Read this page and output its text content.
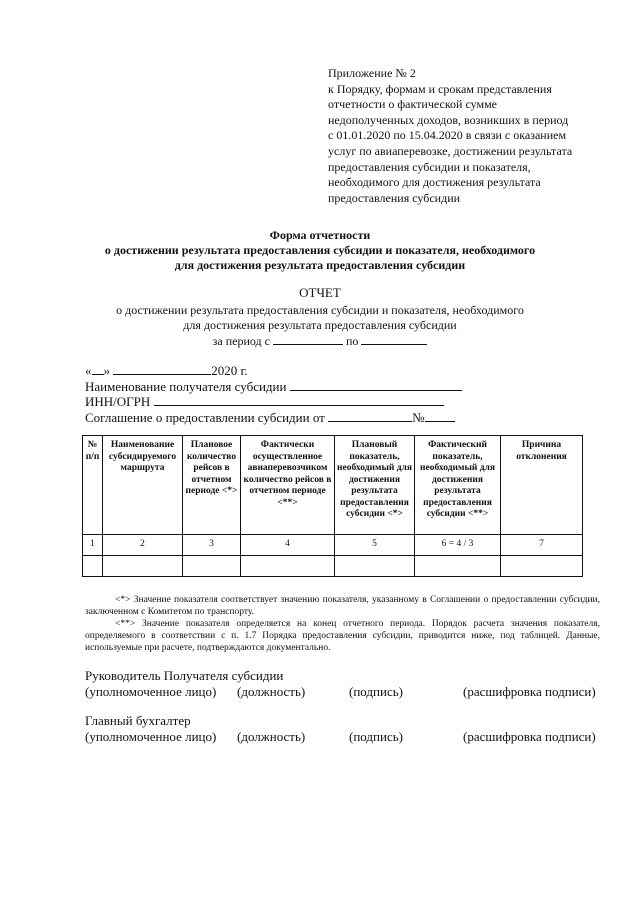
Приложение № 2
к Порядку, формам и срокам представления
отчетности о фактической сумме
недополученных доходов, возникших в период
с 01.01.2020 по 15.04.2020 в связи с оказанием
услуг по авиаперевозке, достижении результата
предоставления субсидии и показателя,
необходимого для достижения результата
предоставления субсидии
Форма отчетности
о достижении результата предоставления субсидии и показателя, необходимого
для достижения результата предоставления субсидии
ОТЧЕТ
о достижении результата предоставления субсидии и показателя, необходимого
для достижения результата предоставления субсидии
за период с	по
« »	2020 г.
Наименование получателя субсидии
ИНН/ОГРН
Соглашение о предоставлении субсидии от	№
№ п/п	Наименование субсидируемого маршрута	Плановое количество рейсов в отчетном периоде <*>	Фактически осуществленное авиаперевозчиком количество рейсов в отчетном периоде <**>	Плановый показатель, необходимый для достижения результата предоставления субсидии <*>	Фактический показатель, необходимый для достижения результата предоставления субсидии <**>	Причина отклонения
1	2	3	4	5	6 = 4 / 3	7

<*> Значение показателя соответствует значению показателя, указанному в Соглашении о предоставлении субсидии, заключенном с Комитетом по транспорту.

<**> Значение показателя определяется на конец отчетного периода. Порядок расчета значения показателя, определяемого в соответствии с п. 1.7 Порядка предоставления субсидии, приводится ниже, под таблицей. Данные, используемые при расчете, подтверждаются документально.

Руководитель Получателя субсидии
(уполномоченное лицо) (должность)	(подпись)	(расшифровка подписи)
Главный бухгалтер
(уполномоченное лицо) (должность)	(подпись)	(расшифровка подписи)
